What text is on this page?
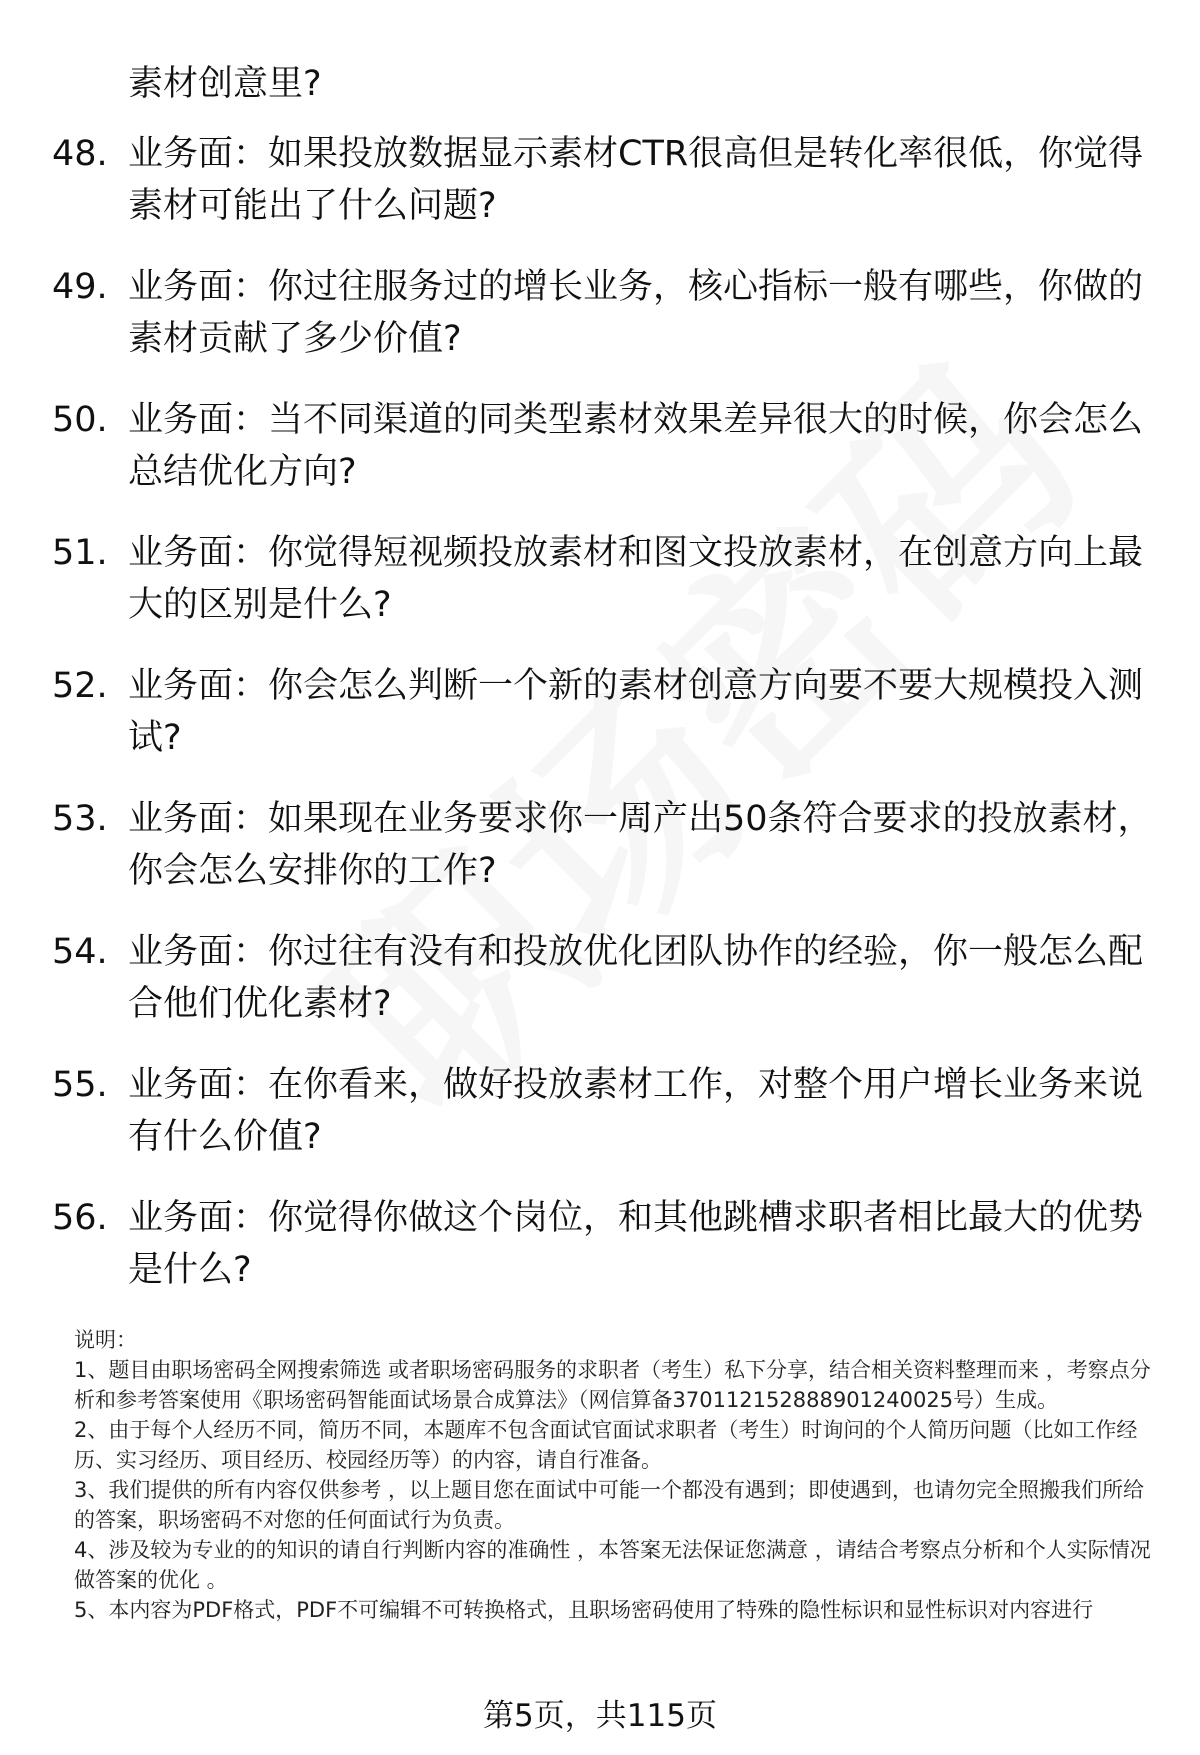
素材创意里?
48. 业务面：如果投放数据显示素材CTR很高但是转化率很低，你觉得素材可能出了什么问题?
49. 业务面：你过往服务过的增长业务，核心指标一般有哪些，你做的素材贡献了多少价值?
50. 业务面：当不同渠道的同类型素材效果差异很大的时候，你会怎么总结优化方向?
51. 业务面：你觉得短视频投放素材和图文投放素材，在创意方向上最大的区别是什么?
52. 业务面：你会怎么判断一个新的素材创意方向要不要大规模投入测试?
53. 业务面：如果现在业务要求你一周产出50条符合要求的投放素材，你会怎么安排你的工作?
54. 业务面：你过往有没有和投放优化团队协作的经验，你一般怎么配合他们优化素材?
55. 业务面：在你看来，做好投放素材工作，对整个用户增长业务来说有什么价值?
56. 业务面：你觉得你做这个岗位，和其他跳槽求职者相比最大的优势是什么?
说明：
1、题目由职场密码全网搜索筛选 或者职场密码服务的求职者（考生）私下分享，结合相关资料整理而来 ，考察点分析和参考答案使用《职场密码智能面试场景合成算法》（网信算备370112152888901240025号）生成。
2、由于每个人经历不同，简历不同，本题库不包含面试官面试求职者（考生）时询问的个人简历问题（比如工作经历、实习经历、项目经历、校园经历等）的内容，请自行准备。
3、我们提供的所有内容仅供参考 ，以上题目您在面试中可能一个都没有遇到；即使遇到，也请勿完全照搬我们所给的答案，职场密码不对您的任何面试行为负责。
4、涉及较为专业的的知识的请自行判断内容的准确性 ，本答案无法保证您满意 ，请结合考察点分析和个人实际情况做答案的优化 。
5、本内容为PDF格式，PDF不可编辑不可转换格式，且职场密码使用了特殊的隐性标识和显性标识对内容进行
第5页，共115页
